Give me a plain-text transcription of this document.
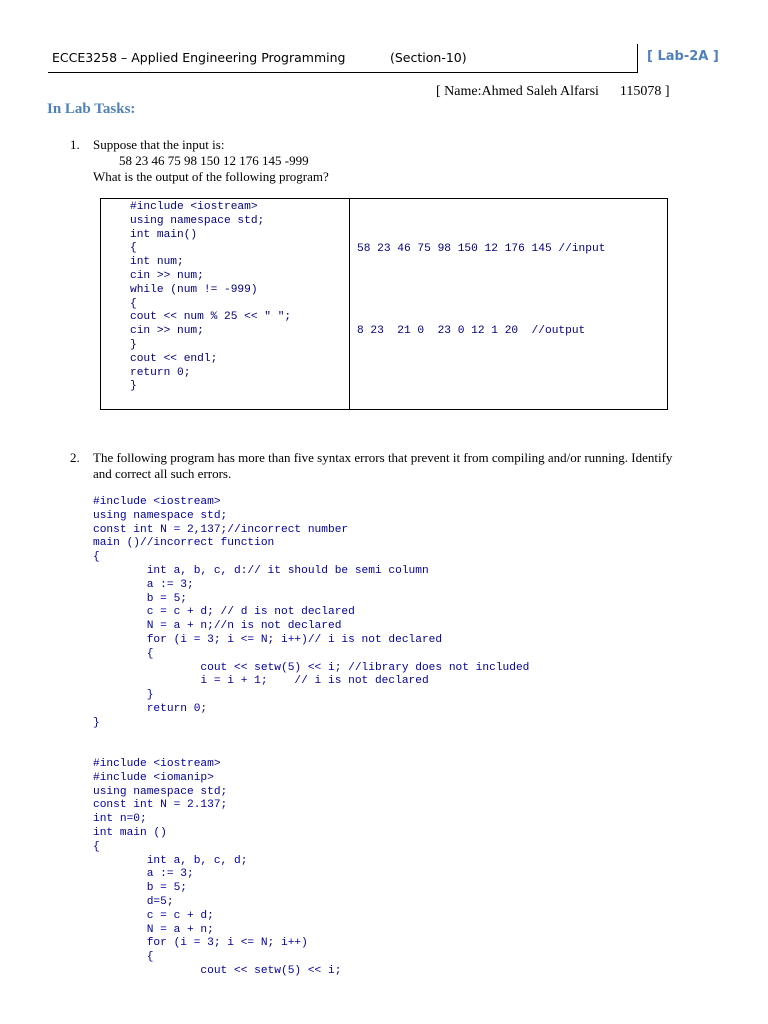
ECCE3258 – Applied Engineering Programming	(Section-10)	[ Lab-2A ]
[ Name:Ahmed Saleh Alfarsi      115078 ]
In Lab Tasks:
1. Suppose that the input is:
58 23 46 75 98 150 12 176 145 -999
What is the output of the following program?
#include <iostream>
using namespace std;
int main()
{
int num;
cin >> num;
while (num != -999)
{
cout << num % 25 << " ";
cin >> num;
}
cout << endl;
return 0;
}

58 23 46 75 98 150 12 176 145 //input

8 23  21 0  23 0 12 1 20  //output

2. The following program has more than five syntax errors that prevent it from compiling and/or running. Identify and correct all such errors.
#include <iostream>
using namespace std;
const int N = 2,137;//incorrect number
main ()//incorrect function
{
int a, b, c, d:// it should be semi column
a := 3;
b = 5;
c = c + d; // d is not declared
N = a + n;//n is not declared
for (i = 3; i <= N; i++)// i is not declared
{
cout << setw(5) << i; //library does not included
i = i + 1;    // i is not declared
}
return 0;
}
#include <iostream>
#include <iomanip>
using namespace std;
const int N = 2.137;
int n=0;
int main ()
{
int a, b, c, d;
a := 3;
b = 5;
d=5;
c = c + d;
N = a + n;
for (i = 3; i <= N; i++)
{
cout << setw(5) << i;
